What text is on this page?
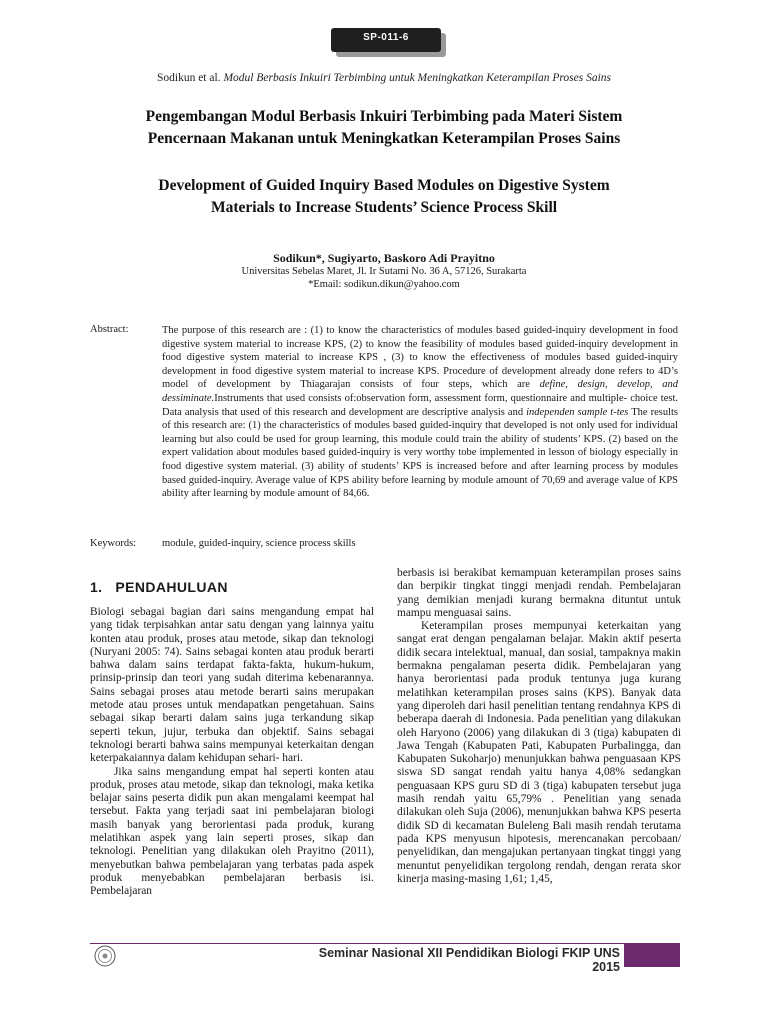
SP-011-6
Sodikun et al. Modul Berbasis Inkuiri Terbimbing untuk Meningkatkan Keterampilan Proses Sains
Pengembangan Modul Berbasis Inkuiri Terbimbing pada Materi Sistem
Pencernaan Makanan untuk Meningkatkan Keterampilan Proses Sains
Development of Guided Inquiry Based Modules on Digestive System
Materials to Increase Students’ Science Process Skill
Sodikun*, Sugiyarto, Baskoro Adi Prayitno
Universitas Sebelas Maret, Jl. Ir Sutami No. 36 A, 57126, Surakarta
*Email: sodikun.dikun@yahoo.com
Abstract:	The purpose of this research are : (1) to know the characteristics of modules based guided-inquiry development in food digestive system material to increase KPS, (2) to know the feasibility of modules based guided-inquiry development in food digestive system material to increase KPS , (3) to know the effectiveness of modules based guided-inquiry development in food digestive system material to increase KPS. Procedure of development already done refers to 4D’s model of development by Thiagarajan consists of four steps, which are define, design, develop, and dessiminate.Instruments that used consists of:observation form, assessment form, questionnaire and multiple- choice test. Data analysis that used of this research and development are descriptive analysis and independen sample t-tes The results of this research are: (1) the characteristics of modules based guided-inquiry that developed is not only used for individual learning but also could be used for group learning, this module could train the ability of students’ KPS. (2) based on the expert validation about modules based guided-inquiry is very worthy tobe implemented in lesson of biology especially in food digestive system material. (3) ability of students’ KPS is increased before and after learning process by modules based guided-inquiry. Average value of KPS ability before learning by module amount of 70,69 and average value of KPS ability after learning by module amount of 84,66.
Keywords: module, guided-inquiry, science process skills
1.   PENDAHULUAN

Biologi sebagai bagian dari sains mengandung empat hal yang tidak terpisahkan antar satu dengan yang lainnya yaitu konten atau produk, proses atau metode, sikap dan teknologi (Nuryani 2005: 74). Sains sebagai konten atau produk berarti bahwa dalam sains terdapat fakta-fakta, hukum-hukum, prinsip-prinsip dan teori yang sudah diterima kebenarannya. Sains sebagai proses atau metode berarti sains merupakan metode atau proses untuk mendapatkan pengetahuan. Sains sebagai sikap berarti dalam sains juga terkandung sikap seperti tekun, jujur, terbuka dan objektif. Sains sebagai teknologi berarti bahwa sains mempunyai keterkaitan dengan keterpakaiannya dalam kehidupan sehari- hari.

Jika sains mengandung empat hal seperti konten atau produk, proses atau metode, sikap dan teknologi, maka ketika belajar sains peserta didik pun akan mengalami keempat hal tersebut. Fakta yang terjadi saat ini pembelajaran biologi masih banyak yang berorientasi pada produk, kurang melatihkan aspek yang lain seperti proses, sikap dan teknologi. Penelitian yang dilakukan oleh Prayitno (2011), menyebutkan bahwa pembelajaran yang terbatas pada aspek produk menyebabkan pembelajaran berbasis isi. Pembelajaran

berbasis isi berakibat kemampuan keterampilan proses sains dan berpikir tingkat tinggi menjadi rendah. Pembelajaran yang demikian menjadi kurang bermakna dituntut untuk mampu menguasai sains.

Keterampilan proses mempunyai keterkaitan yang sangat erat dengan pengalaman belajar. Makin aktif peserta didik secara intelektual, manual, dan sosial, tampaknya makin bermakna pengalaman peserta didik. Pembelajaran yang hanya berorientasi pada produk tentunya juga kurang melatihkan keterampilan proses sains (KPS). Banyak data yang diperoleh dari hasil penelitian tentang rendahnya KPS di beberapa daerah di Indonesia. Pada penelitian yang dilakukan oleh Haryono (2006) yang dilakukan di 3 (tiga) kabupaten di Jawa Tengah (Kabupaten Pati, Kabupaten Purbalingga, dan Kabupaten Sukoharjo) menunjukkan bahwa penguasaan KPS siswa SD sangat rendah yaitu hanya 4,08% sedangkan penguasaan KPS guru SD di 3 (tiga) kabupaten tersebut juga masih rendah yaitu 65,79% . Penelitian yang senada dilakukan oleh Suja (2006), menunjukkan bahwa KPS peserta didik SD di kecamatan Buleleng Bali masih rendah terutama pada KPS menyusun hipotesis, merencanakan percobaan/ penyelidikan, dan mengajukan pertanyaan tingkat tinggi yang menuntut penyelidikan tergolong rendah, dengan rerata skor kinerja masing-masing 1,61; 1,45,

Seminar Nasional XII Pendidikan Biologi FKIP UNS 2015
